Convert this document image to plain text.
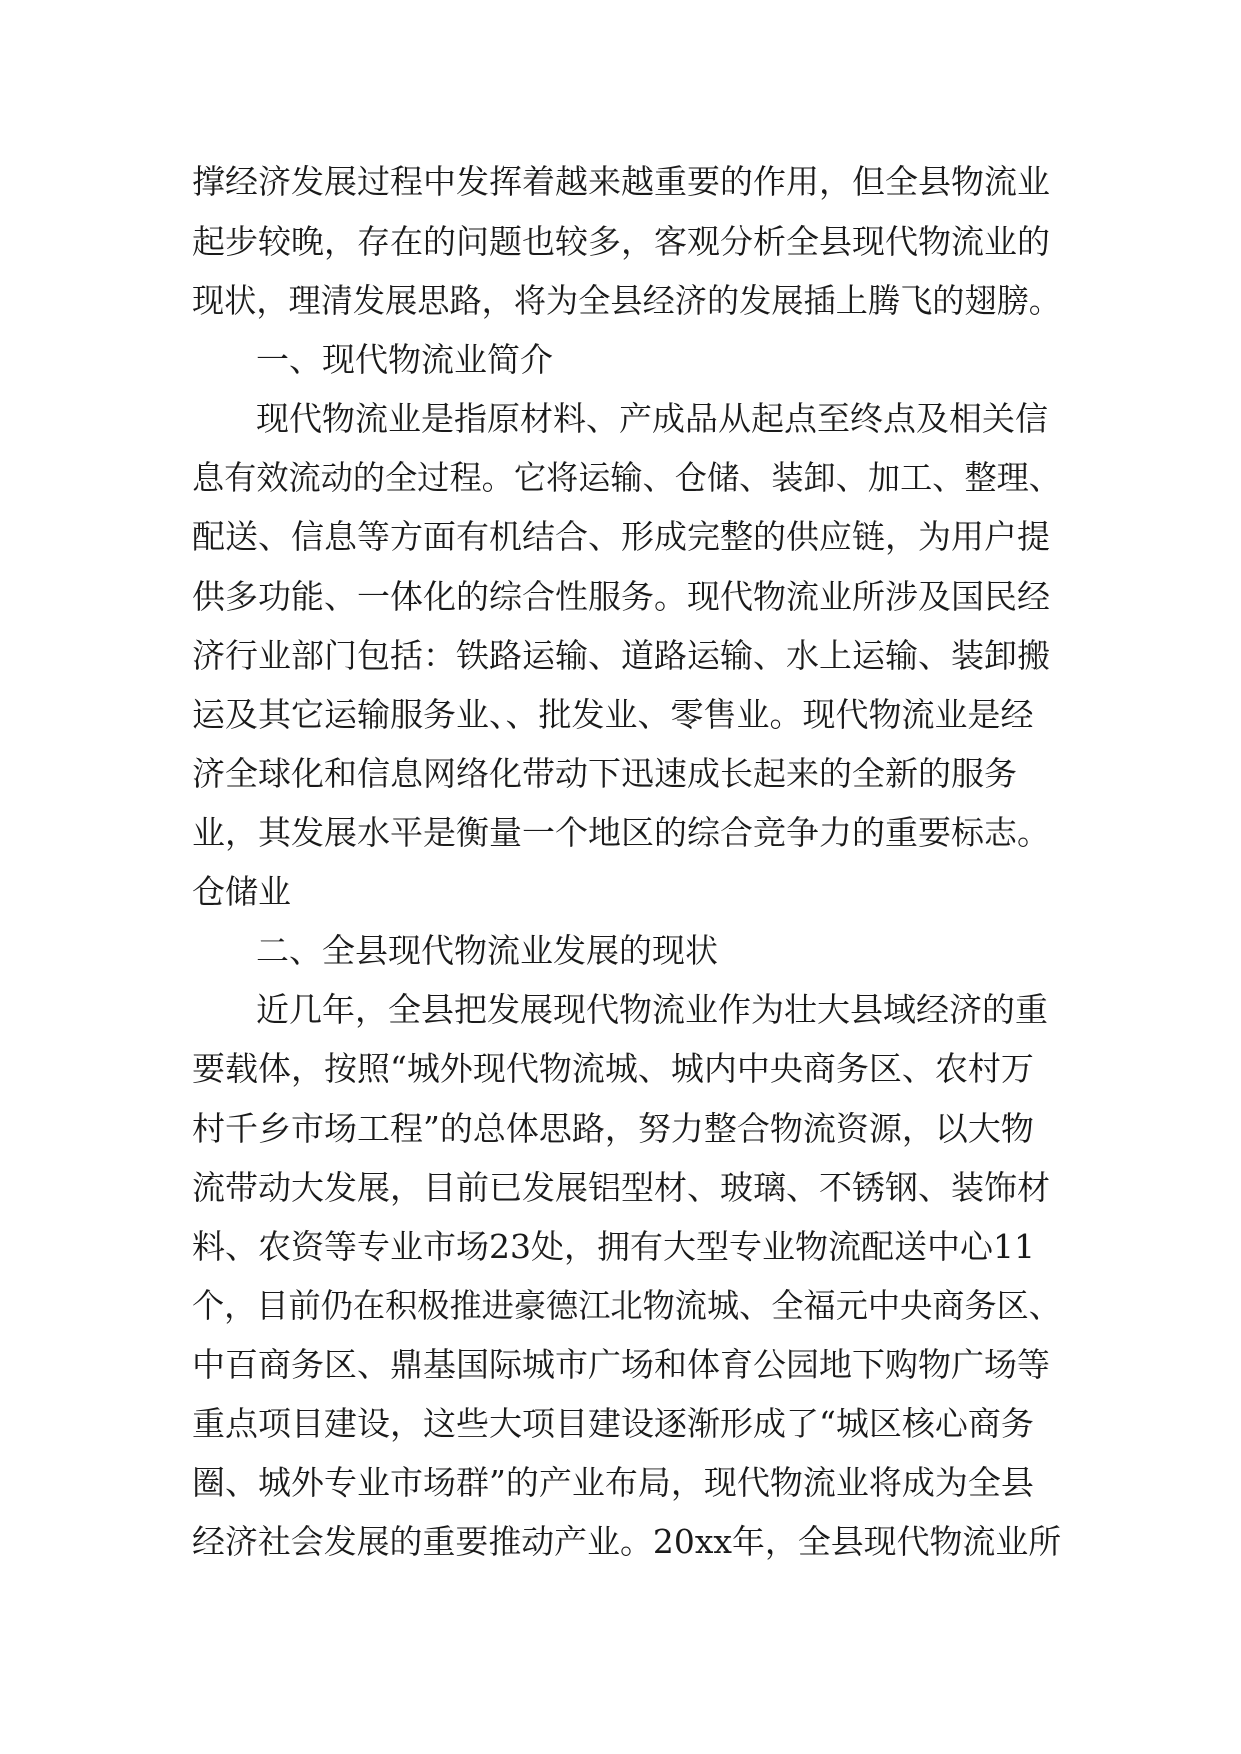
撑经济发展过程中发挥着越来越重要的作用，但全县物流业

起步较晚，存在的问题也较多，客观分析全县现代物流业的

现状，理清发展思路，将为全县经济的发展插上腾飞的翅膀。

一、现代物流业简介

现代物流业是指原材料、产成品从起点至终点及相关信

息有效流动的全过程。它将运输、仓储、装卸、加工、整理、

配送、信息等方面有机结合、形成完整的供应链，为用户提

供多功能、一体化的综合性服务。现代物流业所涉及国民经

济行业部门包括：铁路运输、道路运输、水上运输、装卸搬

运及其它运输服务业、、批发业、零售业。现代物流业是经

济全球化和信息网络化带动下迅速成长起来的全新的服务

业，其发展水平是衡量一个地区的综合竞争力的重要标志。

仓储业

二、全县现代物流业发展的现状

近几年，全县把发展现代物流业作为壮大县域经济的重

要载体，按照“城外现代物流城、城内中央商务区、农村万

村千乡市场工程”的总体思路，努力整合物流资源，以大物

流带动大发展，目前已发展铝型材、玻璃、不锈钢、装饰材

料、农资等专业市场23处，拥有大型专业物流配送中心11

个，目前仍在积极推进豪德江北物流城、全福元中央商务区、

中百商务区、鼎基国际城市广场和体育公园地下购物广场等

重点项目建设，这些大项目建设逐渐形成了“城区核心商务

圈、城外专业市场群”的产业布局，现代物流业将成为全县

经济社会发展的重要推动产业。20xx年，全县现代物流业所
